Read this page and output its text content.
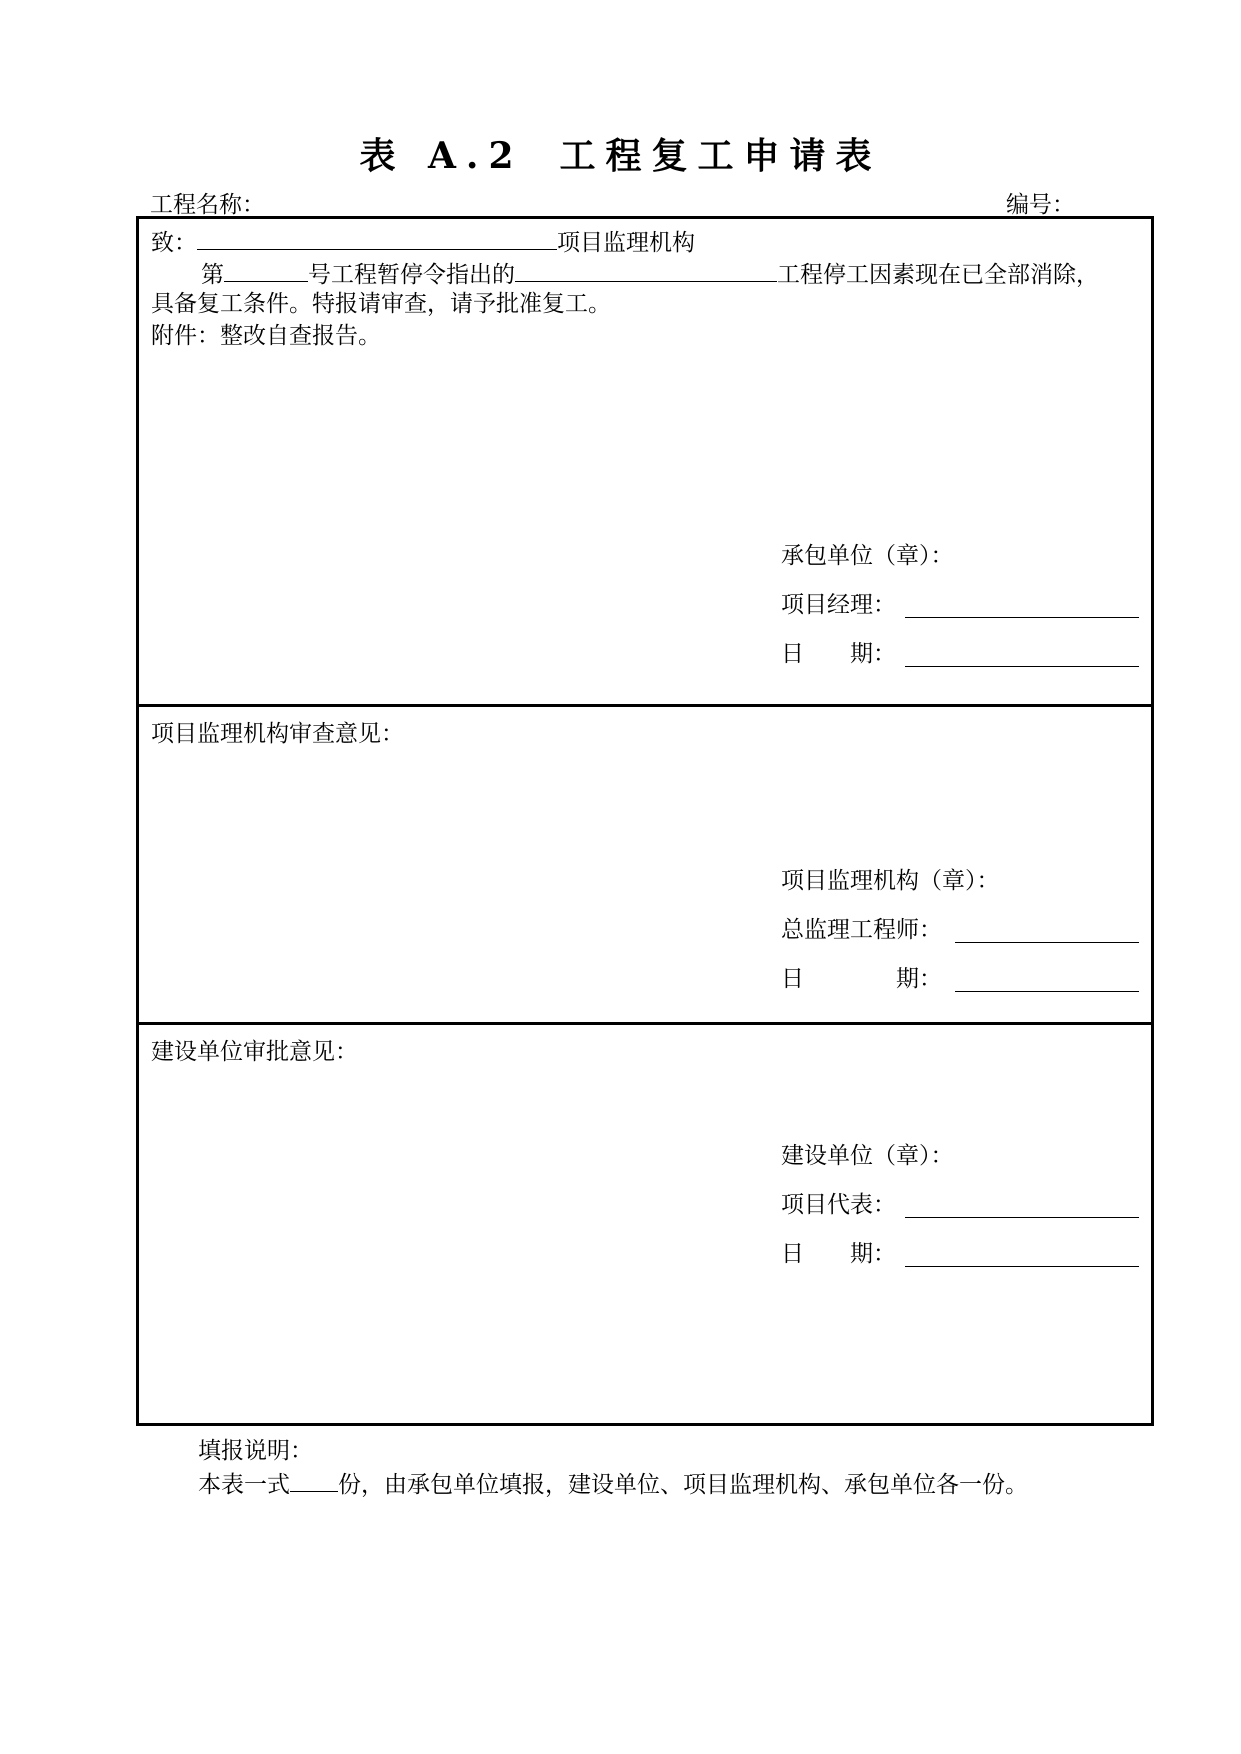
表 A.2 工程复工申请表
工程名称：	编号：
致：	项目监理机构
第	号工程暂停令指出的	工程停工因素现在已全部消除，
具备复工条件。特报请审查，请予批准复工。
附件：整改自查报告。
承包单位（章）：
项目经理：
日　　期：
项目监理机构审查意见：
项目监理机构（章）：
总监理工程师：
日　　　　期：
建设单位审批意见：
建设单位（章）：
项目代表：
日　　期：
填报说明：
本表一式 份，由承包单位填报，建设单位、项目监理机构、承包单位各一份。
